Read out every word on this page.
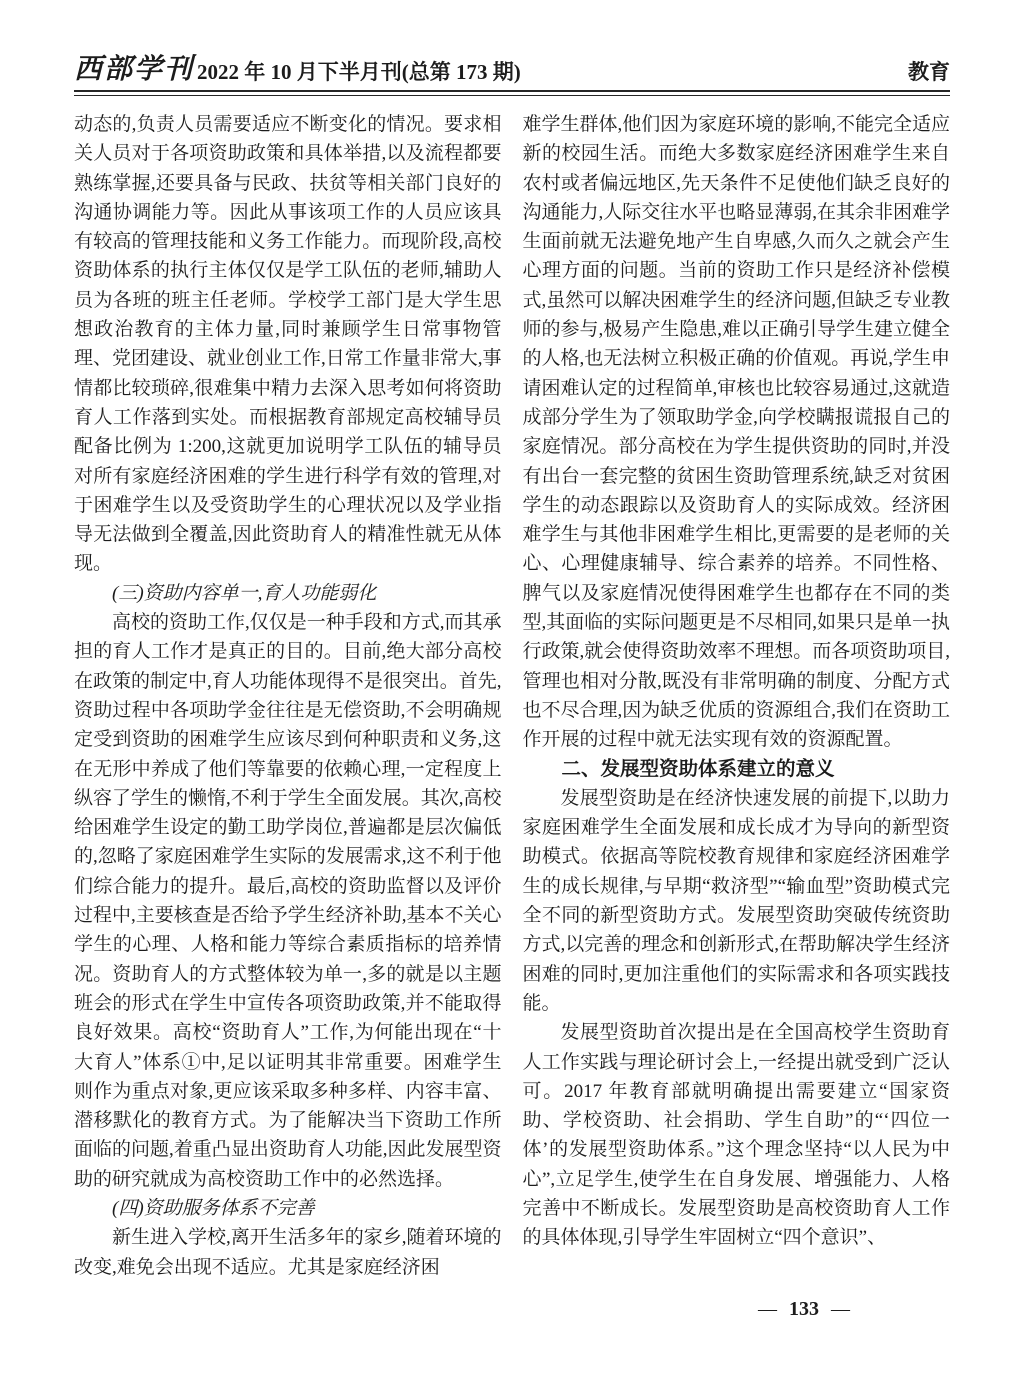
西部学刊 2022 年 10 月下半月刊(总第 173 期)	教育

动态的,负责人员需要适应不断变化的情况。要求相关人员对于各项资助政策和具体举措,以及流程都要熟练掌握,还要具备与民政、扶贫等相关部门良好的沟通协调能力等。因此从事该项工作的人员应该具有较高的管理技能和义务工作能力。而现阶段,高校资助体系的执行主体仅仅是学工队伍的老师,辅助人员为各班的班主任老师。学校学工部门是大学生思想政治教育的主体力量,同时兼顾学生日常事物管理、党团建设、就业创业工作,日常工作量非常大,事情都比较琐碎,很难集中精力去深入思考如何将资助育人工作落到实处。而根据教育部规定高校辅导员配备比例为 1:200,这就更加说明学工队伍的辅导员对所有家庭经济困难的学生进行科学有效的管理,对于困难学生以及受资助学生的心理状况以及学业指导无法做到全覆盖,因此资助育人的精准性就无从体现。

(三)资助内容单一,育人功能弱化

高校的资助工作,仅仅是一种手段和方式,而其承担的育人工作才是真正的目的。目前,绝大部分高校在政策的制定中,育人功能体现得不是很突出。首先,资助过程中各项助学金往往是无偿资助,不会明确规定受到资助的困难学生应该尽到何种职责和义务,这在无形中养成了他们等靠要的依赖心理,一定程度上纵容了学生的懒惰,不利于学生全面发展。其次,高校给困难学生设定的勤工助学岗位,普遍都是层次偏低的,忽略了家庭困难学生实际的发展需求,这不利于他们综合能力的提升。最后,高校的资助监督以及评价过程中,主要核查是否给予学生经济补助,基本不关心学生的心理、人格和能力等综合素质指标的培养情况。资助育人的方式整体较为单一,多的就是以主题班会的形式在学生中宣传各项资助政策,并不能取得良好效果。高校“资助育人”工作,为何能出现在“十大育人”体系①中,足以证明其非常重要。困难学生则作为重点对象,更应该采取多种多样、内容丰富、潜移默化的教育方式。为了能解决当下资助工作所面临的问题,着重凸显出资助育人功能,因此发展型资助的研究就成为高校资助工作中的必然选择。

(四)资助服务体系不完善

新生进入学校,离开生活多年的家乡,随着环境的改变,难免会出现不适应。尤其是家庭经济困

难学生群体,他们因为家庭环境的影响,不能完全适应新的校园生活。而绝大多数家庭经济困难学生来自农村或者偏远地区,先天条件不足使他们缺乏良好的沟通能力,人际交往水平也略显薄弱,在其余非困难学生面前就无法避免地产生自卑感,久而久之就会产生心理方面的问题。当前的资助工作只是经济补偿模式,虽然可以解决困难学生的经济问题,但缺乏专业教师的参与,极易产生隐患,难以正确引导学生建立健全的人格,也无法树立积极正确的价值观。再说,学生申请困难认定的过程简单,审核也比较容易通过,这就造成部分学生为了领取助学金,向学校瞒报谎报自己的家庭情况。部分高校在为学生提供资助的同时,并没有出台一套完整的贫困生资助管理系统,缺乏对贫困学生的动态跟踪以及资助育人的实际成效。经济困难学生与其他非困难学生相比,更需要的是老师的关心、心理健康辅导、综合素养的培养。不同性格、脾气以及家庭情况使得困难学生也都存在不同的类型,其面临的实际问题更是不尽相同,如果只是单一执行政策,就会使得资助效率不理想。而各项资助项目,管理也相对分散,既没有非常明确的制度、分配方式也不尽合理,因为缺乏优质的资源组合,我们在资助工作开展的过程中就无法实现有效的资源配置。

二、发展型资助体系建立的意义

发展型资助是在经济快速发展的前提下,以助力家庭困难学生全面发展和成长成才为导向的新型资助模式。依据高等院校教育规律和家庭经济困难学生的成长规律,与早期“救济型”“输血型”资助模式完全不同的新型资助方式。发展型资助突破传统资助方式,以完善的理念和创新形式,在帮助解决学生经济困难的同时,更加注重他们的实际需求和各项实践技能。

发展型资助首次提出是在全国高校学生资助育人工作实践与理论研讨会上,一经提出就受到广泛认可。2017 年教育部就明确提出需要建立“国家资助、学校资助、社会捐助、学生自助”的“‘四位一体’的发展型资助体系。”这个理念坚持“以人民为中心”,立足学生,使学生在自身发展、增强能力、人格完善中不断成长。发展型资助是高校资助育人工作的具体体现,引导学生牢固树立“四个意识”、

— 133 —
